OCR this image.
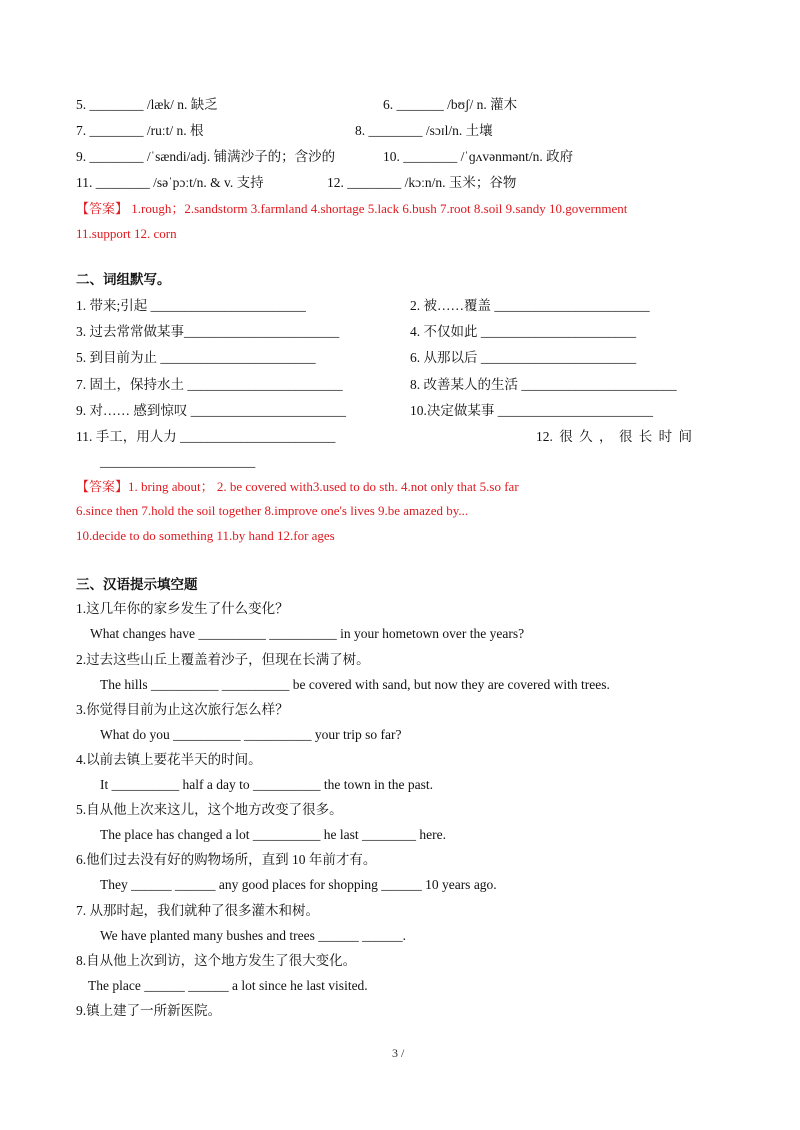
5. ________ /læk/ n. 缺乏	6. _______ /bʊʃ/ n. 灌木
7. ________ /ruːt/ n. 根	8. ________ /sɔɪl/n. 土壤
9. ________ /ˈsændi/adj. 铺满沙子的；含沙的	10. ________ /ˈɡʌvənmənt/n. 政府
11. ________ /səˈpɔːt/n. & v. 支持	12. ________ /kɔːn/n. 玉米；谷物
【答案】 1.rough；2.sandstorm 3.farmland 4.shortage 5.lack 6.bush 7.root 8.soil 9.sandy 10.government
11.support 12. corn
二、词组默写。
1. 带来;引起 _______________________	2. 被……覆盖 _______________________
3. 过去常常做某事_______________________	4. 不仅如此 _______________________
5. 到目前为止 _______________________	6. 从那以后 _______________________
7. 固土，保持水土 _______________________	8. 改善某人的生活 _______________________
9. 对…… 感到惊叹 _______________________	10.决定做某事 _______________________
11. 手工，用人力 _______________________	12. 很 久 ， 很 长 时 间
_______________________
【答案】1. bring about； 2. be covered with3.used to do sth. 4.not only that 5.so far
6.since then 7.hold the soil together 8.improve one's lives 9.be amazed by...
10.decide to do something 11.by hand 12.for ages
三、汉语提示填空题
1.这几年你的家乡发生了什么变化？
What changes have __________ __________ in your hometown over the years?
2.过去这些山丘上覆盖着沙子，但现在长满了树。
The hills __________ __________ be covered with sand, but now they are covered with trees.
3.你觉得目前为止这次旅行怎么样？
What do you __________ __________ your trip so far?
4.以前去镇上要花半天的时间。
It __________ half a day to __________ the town in the past.
5.自从他上次来这儿，这个地方改变了很多。
The place has changed a lot __________ he last ________ here.
6.他们过去没有好的购物场所，直到 10 年前才有。
They ______ ______ any good places for shopping ______ 10 years ago.
7. 从那时起，我们就种了很多灌木和树。
We have planted many bushes and trees ______ ______.
8.自从他上次到访，这个地方发生了很大变化。
The place ______ ______ a lot since he last visited.
9.镇上建了一所新医院。
3 /
